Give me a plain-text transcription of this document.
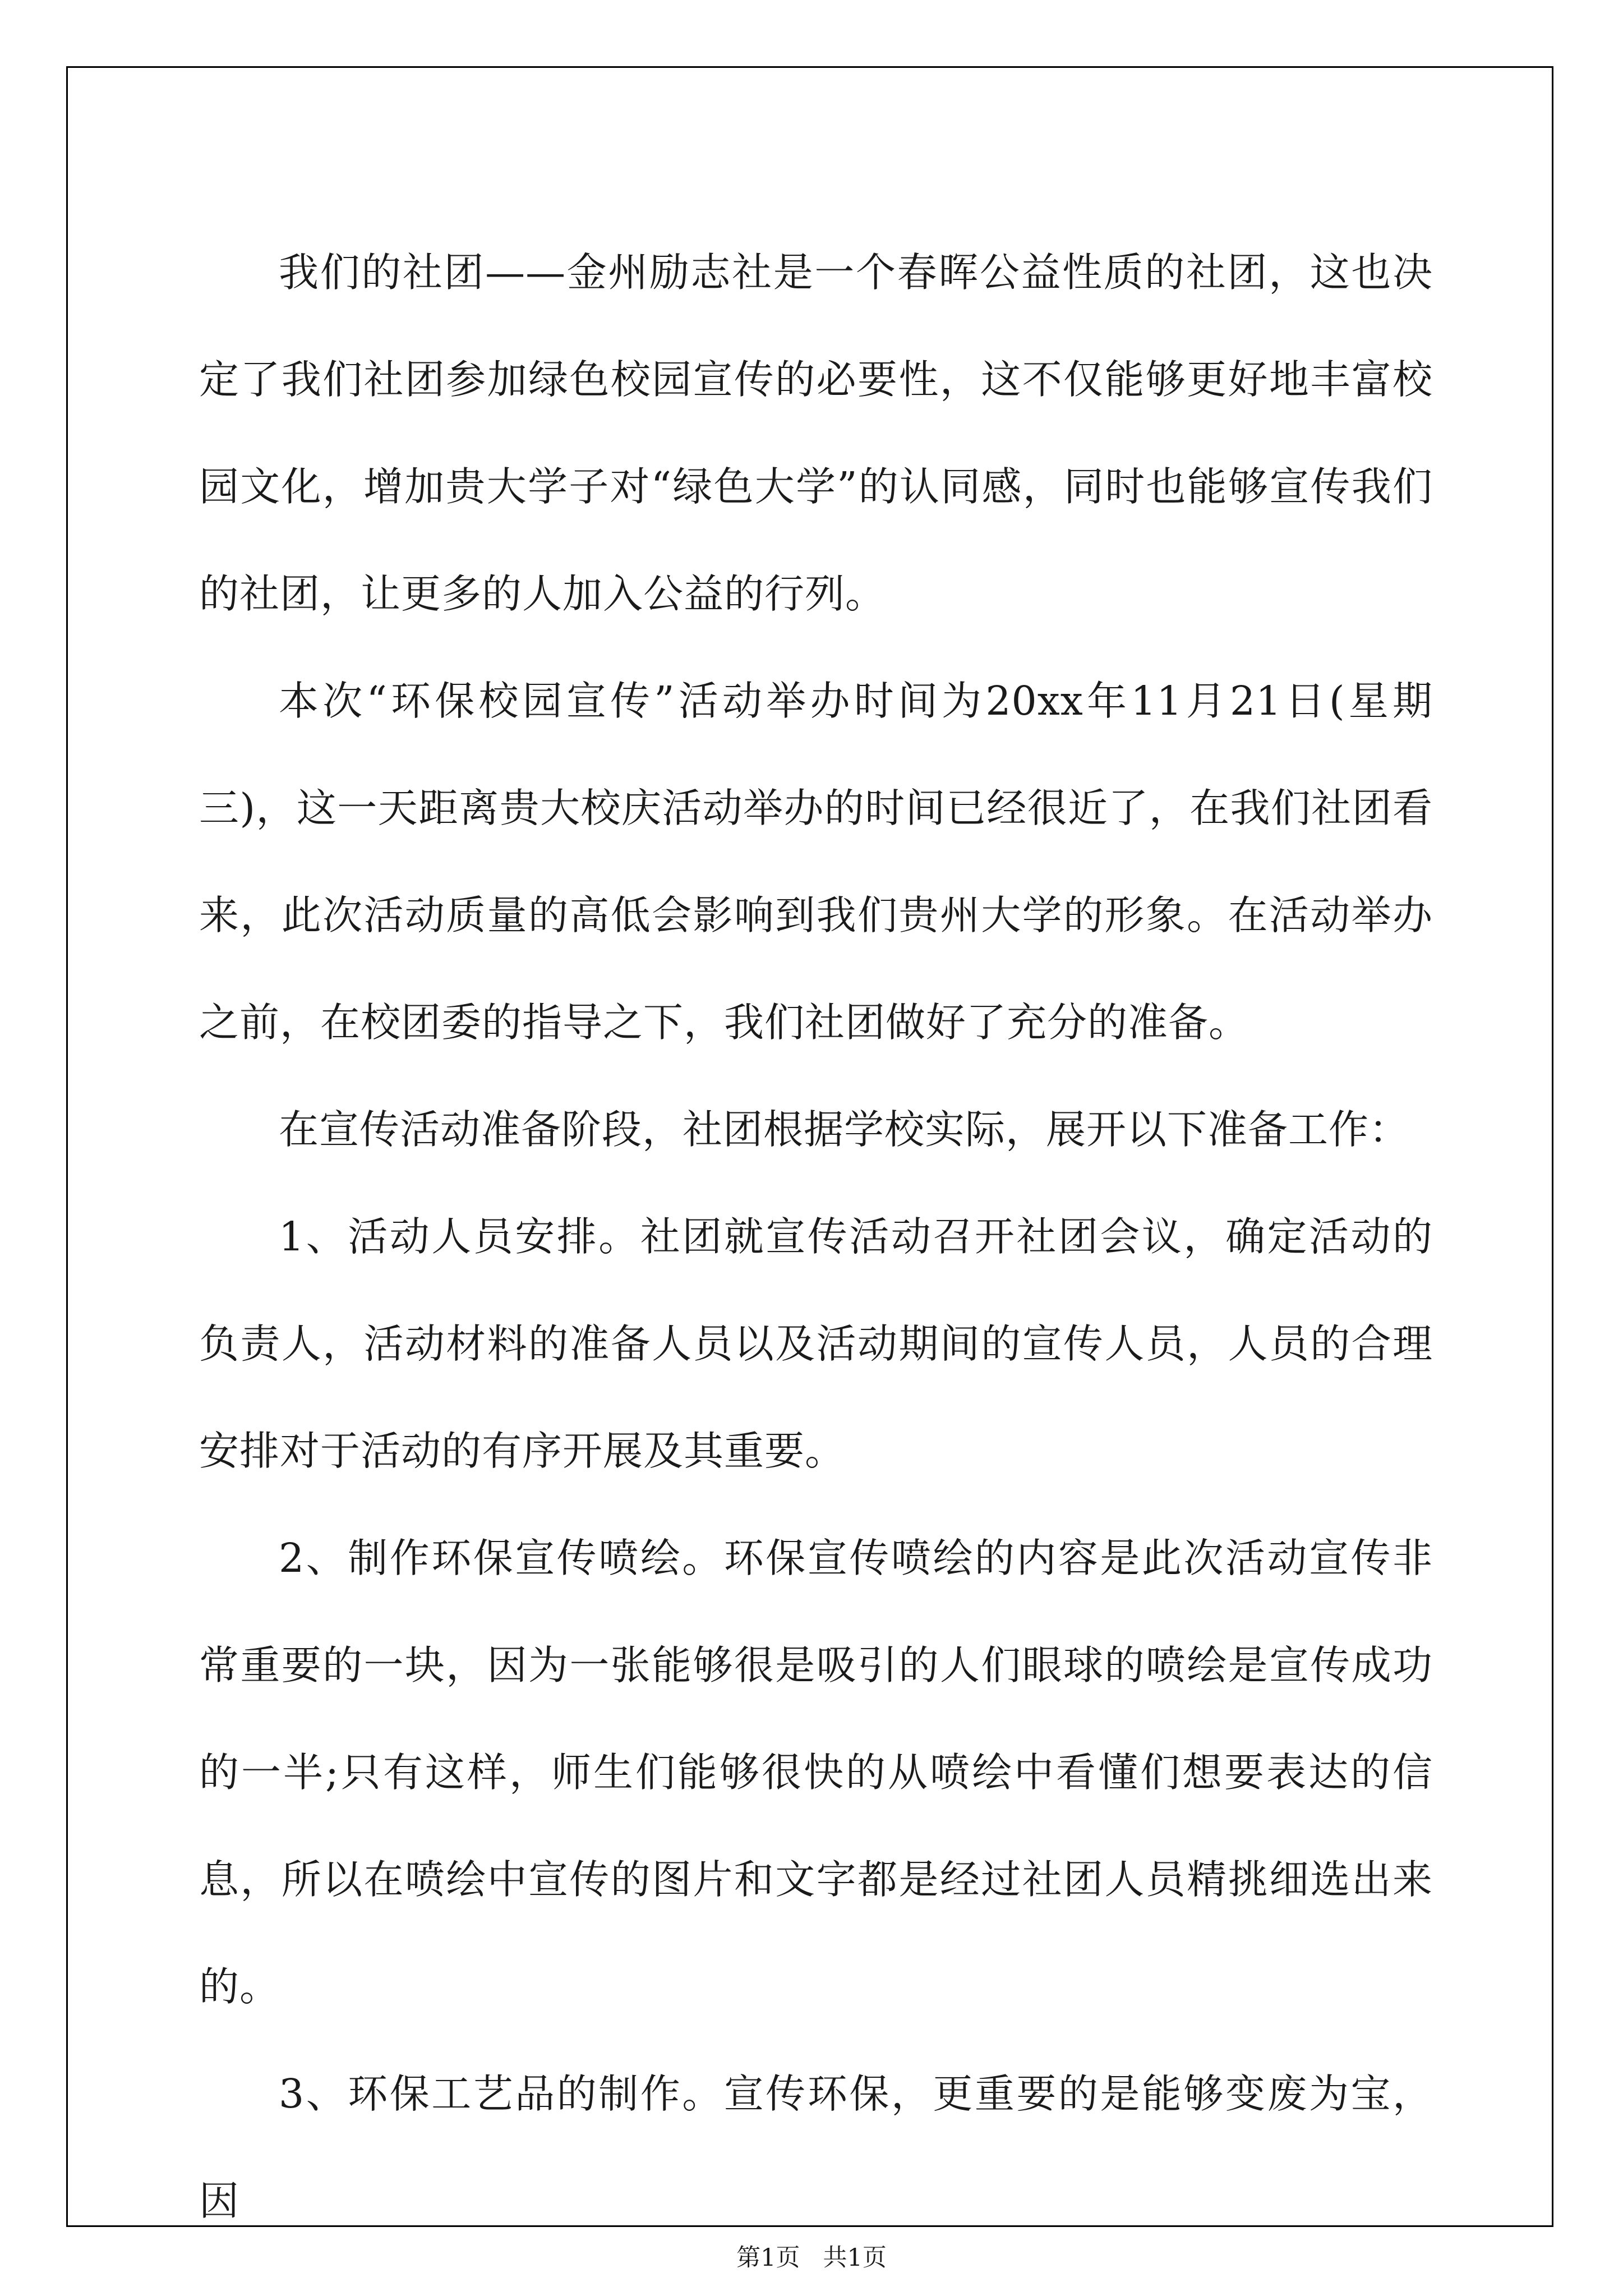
我们的社团——金州励志社是一个春晖公益性质的社团，这也决定了我们社团参加绿色校园宣传的必要性，这不仅能够更好地丰富校园文化，增加贵大学子对“绿色大学”的认同感，同时也能够宣传我们的社团，让更多的人加入公益的行列。

本次“环保校园宣传”活动举办时间为20xx年11月21日(星期三)，这一天距离贵大校庆活动举办的时间已经很近了，在我们社团看来，此次活动质量的高低会影响到我们贵州大学的形象。在活动举办之前，在校团委的指导之下，我们社团做好了充分的准备。

在宣传活动准备阶段，社团根据学校实际，展开以下准备工作：

1、活动人员安排。社团就宣传活动召开社团会议，确定活动的负责人，活动材料的准备人员以及活动期间的宣传人员，人员的合理安排对于活动的有序开展及其重要。

2、制作环保宣传喷绘。环保宣传喷绘的内容是此次活动宣传非常重要的一块，因为一张能够很是吸引的人们眼球的喷绘是宣传成功的一半;只有这样，师生们能够很快的从喷绘中看懂们想要表达的信息，所以在喷绘中宣传的图片和文字都是经过社团人员精挑细选出来的。

3、环保工艺品的制作。宣传环保，更重要的是能够变废为宝，因

第1页 共1页
